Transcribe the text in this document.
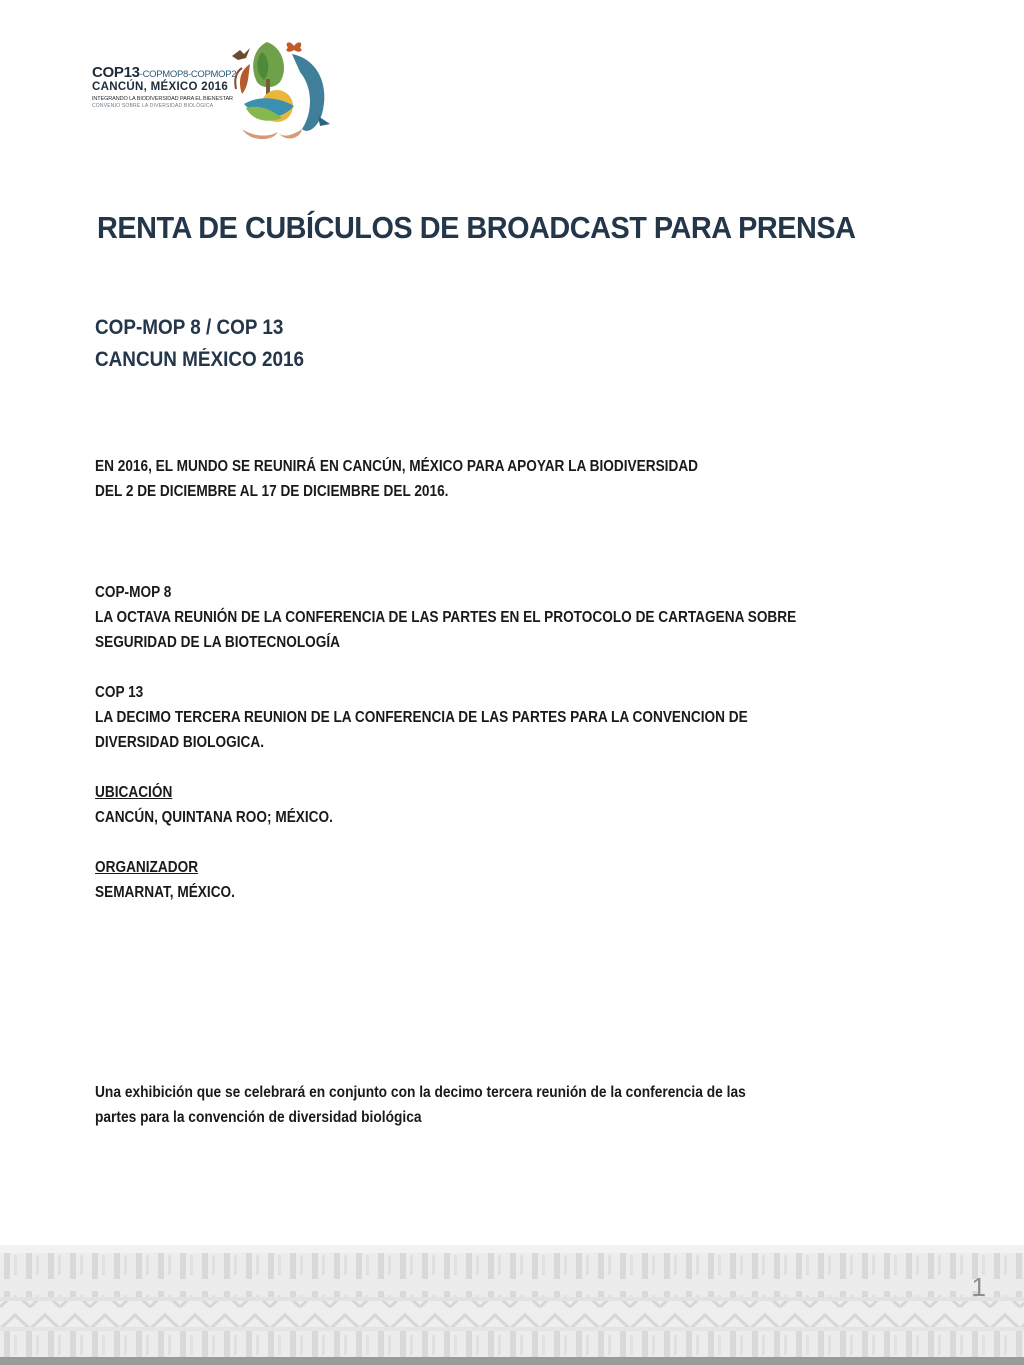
COP13-COPMOP8-COPMOP2
CANCÚN, MÉXICO 2016
INTEGRANDO LA BIODIVERSIDAD PARA EL BIENESTAR
CONVENIO SOBRE LA DIVERSIDAD BIOLÓGICA
RENTA DE CUBÍCULOS DE BROADCAST PARA PRENSA
COP-MOP 8 / COP 13
CANCUN MÉXICO 2016
EN 2016, EL MUNDO SE REUNIRÁ EN CANCÚN, MÉXICO PARA APOYAR LA BIODIVERSIDAD
DEL 2 DE DICIEMBRE AL 17 DE DICIEMBRE DEL 2016.
COP-MOP 8
LA OCTAVA REUNIÓN DE LA CONFERENCIA DE LAS PARTES EN EL PROTOCOLO DE CARTAGENA SOBRE
SEGURIDAD DE LA BIOTECNOLOGÍA
COP 13
LA DECIMO TERCERA REUNION DE LA CONFERENCIA DE LAS PARTES PARA LA CONVENCION DE
DIVERSIDAD BIOLOGICA.
UBICACIÓN
CANCÚN, QUINTANA ROO; MÉXICO.
ORGANIZADOR
SEMARNAT, MÉXICO.
Una exhibición que se celebrará en conjunto con la decimo tercera reunión de la conferencia de las
partes para la convención de diversidad biológica
1
